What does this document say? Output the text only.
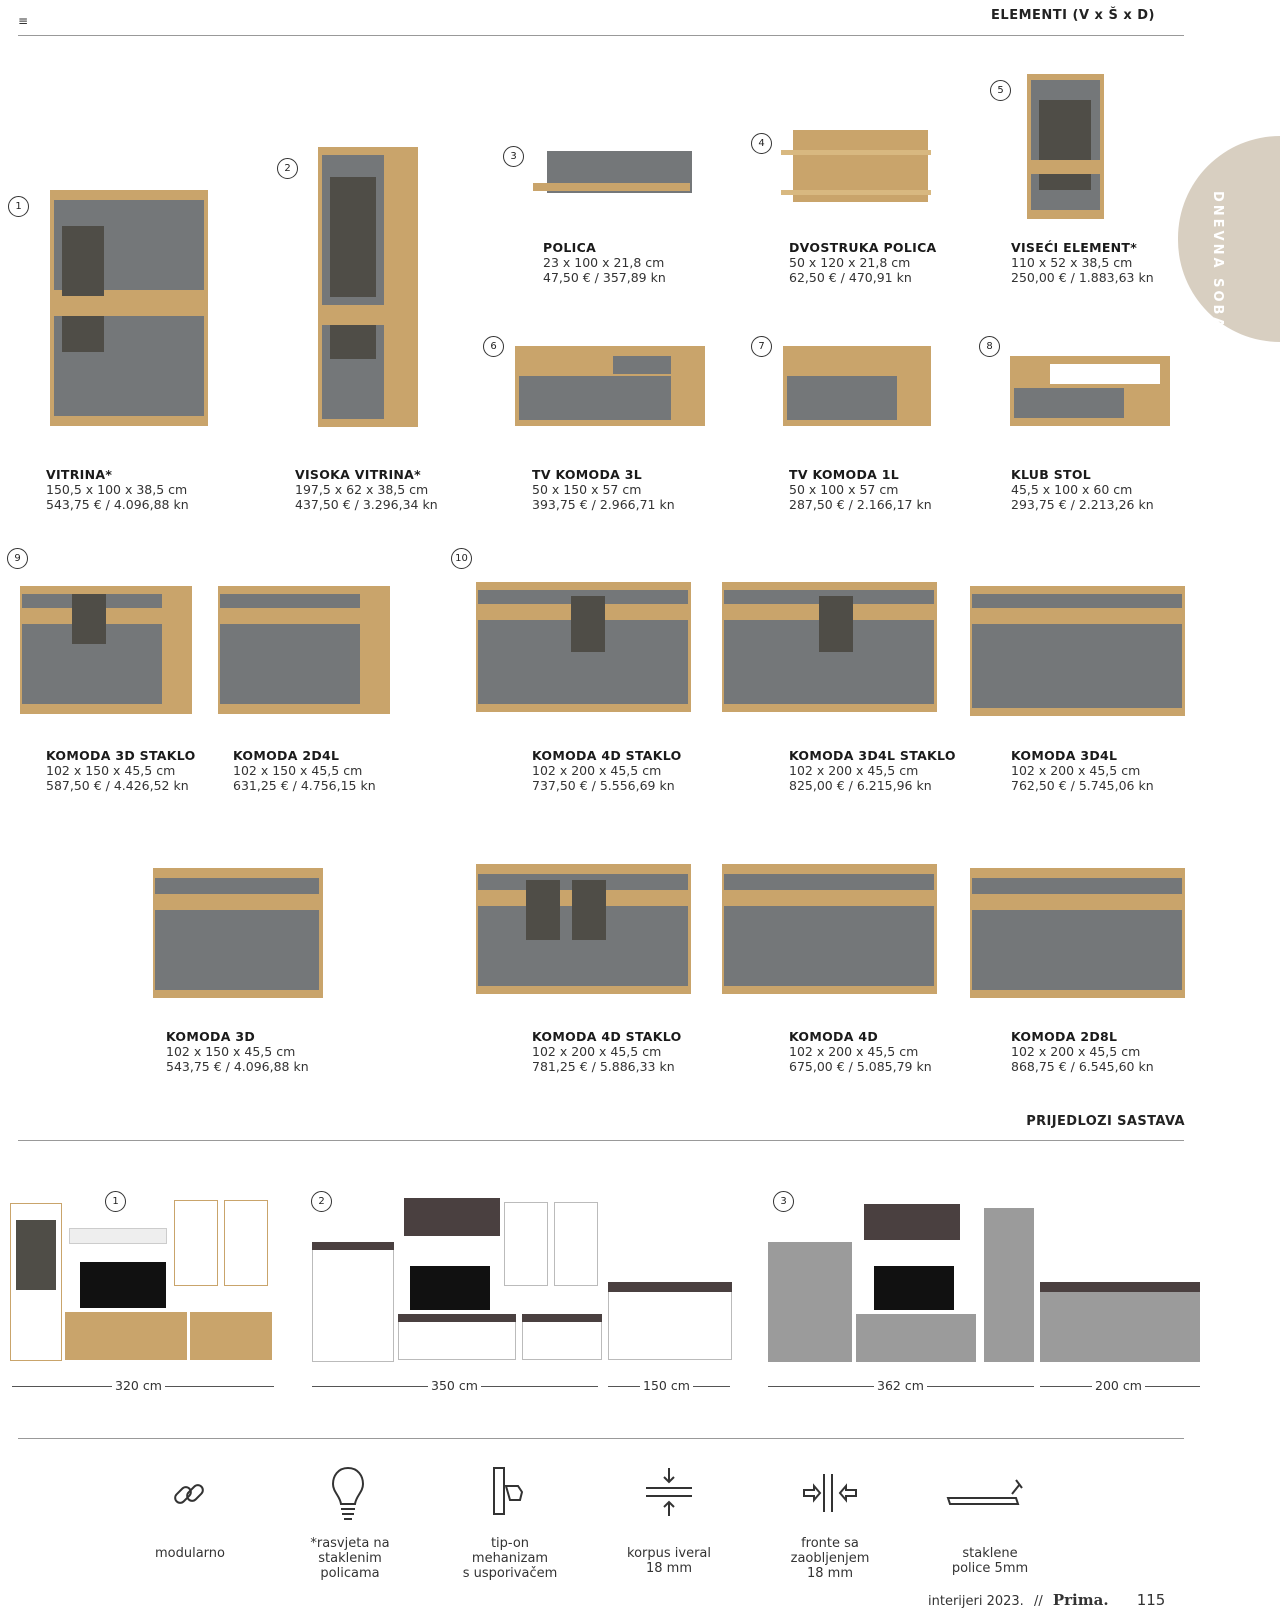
≡	ELEMENTI (V x Š x D)
DNEVNA SOBA
1
2
3
4
5
POLICA
23 x 100 x 21,8 cm
47,50 € / 357,89 kn
DVOSTRUKA POLICA
50 x 120 x 21,8 cm
62,50 € / 470,91 kn
VISEĆI ELEMENT*
110 x 52 x 38,5 cm
250,00 € / 1.883,63 kn
6	7	8
VITRINA*
150,5 x 100 x 38,5 cm
543,75 € / 4.096,88 kn
VISOKA VITRINA*
197,5 x 62 x 38,5 cm
437,50 € / 3.296,34 kn
TV KOMODA 3L
50 x 150 x 57 cm
393,75 € / 2.966,71 kn
TV KOMODA 1L
50 x 100 x 57 cm
287,50 € / 2.166,17 kn
KLUB STOL
45,5 x 100 x 60 cm
293,75 € / 2.213,26 kn
9	10
KOMODA 3D STAKLO
102 x 150 x 45,5 cm
587,50 € / 4.426,52 kn
KOMODA 2D4L
102 x 150 x 45,5 cm
631,25 € / 4.756,15 kn
KOMODA 4D STAKLO
102 x 200 x 45,5 cm
737,50 € / 5.556,69 kn
KOMODA 3D4L STAKLO
102 x 200 x 45,5 cm
825,00 € / 6.215,96 kn
KOMODA 3D4L
102 x 200 x 45,5 cm
762,50 € / 5.745,06 kn
KOMODA 3D
102 x 150 x 45,5 cm
543,75 € / 4.096,88 kn
KOMODA 4D STAKLO
102 x 200 x 45,5 cm
781,25 € / 5.886,33 kn
KOMODA 4D
102 x 200 x 45,5 cm
675,00 € / 5.085,79 kn
KOMODA 2D8L
102 x 200 x 45,5 cm
868,75 € / 6.545,60 kn
PRIJEDLOZI SASTAVA
1
320 cm
2
350 cm	150 cm
3
362 cm	200 cm
modularno
*rasvjeta na
staklenim
policama
tip-on
mehanizam
s usporivačem
korpus iveral
18 mm
fronte sa
zaobljenjem
18 mm
staklene
police 5mm
interijeri 2023. // Prima. 115
